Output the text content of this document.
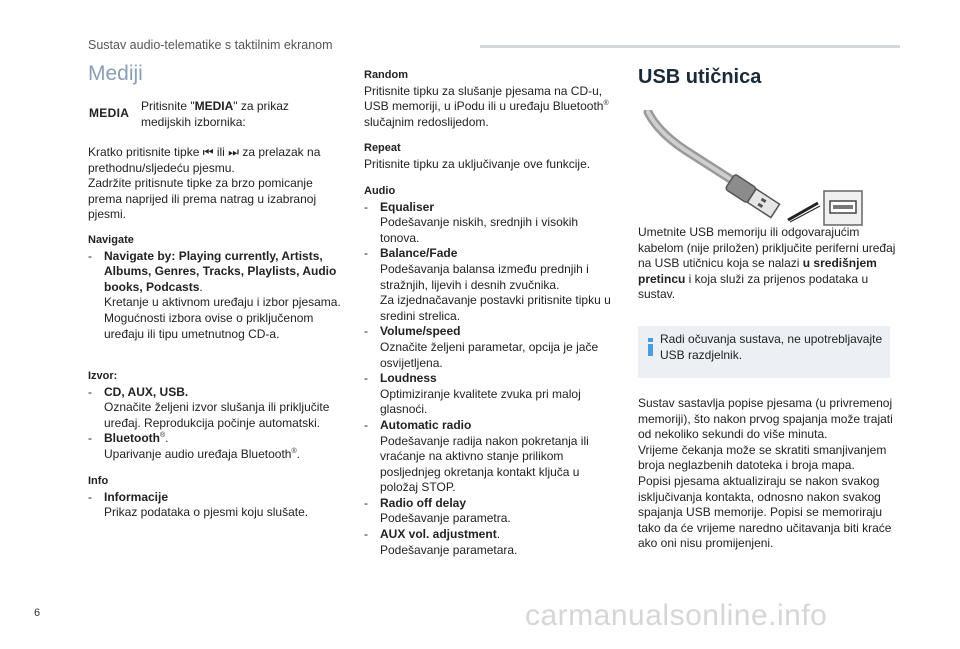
Sustav audio-telematike s taktilnim ekranom
Mediji
MEDIA Pritisnite "MEDIA" za prikaz medijskih izbornika:

Kratko pritisnite tipke ⏮ ili ⏭ za prelazak na prethodnu/sljedeću pjesmu.

Zadržite pritisnute tipke za brzo pomicanje prema naprijed ili prema natrag u izabranoj pjesmi.

Navigate
-	Navigate by: Playing currently, Artists, Albums, Genres, Tracks, Playlists, Audio books, Podcasts.
Kretanje u aktivnom uređaju i izbor pjesama.
Mogućnosti izbora ovise o priključenom uređaju ili tipu umetnutnog CD-a.
Izvor:
-	CD, AUX, USB.
Označite željeni izvor slušanja ili priključite uređaj. Reprodukcija počinje automatski.
-	Bluetooth®.
Uparivanje audio uređaja Bluetooth®.
Info
-	Informacije
Prikaz podataka o pjesmi koju slušate.
Random
Pritisnite tipku za slušanje pjesama na CD-u, USB memoriji, u iPodu ili u uređaju Bluetooth® slučajnim redoslijedom.
Repeat
Pritisnite tipku za uključivanje ove funkcije.
Audio
-	Equaliser
Podešavanje niskih, srednjih i visokih tonova.
-	Balance/Fade
Podešavanja balansa između prednjih i stražnjih, lijevih i desnih zvučnika.
Za izjednačavanje postavki pritisnite tipku u sredini strelica.
-	Volume/speed
Označite željeni parametar, opcija je jače osvijetljena.
-	Loudness
Optimiziranje kvalitete zvuka pri maloj glasnoći.
-	Automatic radio
Podešavanje radija nakon pokretanja ili vraćanje na aktivno stanje prilikom posljednjeg okretanja kontakt ključa u položaj STOP.
-	Radio off delay
Podešavanje parametra.
-	AUX vol. adjustment.
Podešavanje parametara.
USB utičnica
Umetnite USB memoriju ili odgovarajućim kabelom (nije priložen) priključite periferni uređaj na USB utičnicu koja se nalazi u središnjem pretincu i koja služi za prijenos podataka u sustav.
Radi očuvanja sustava, ne upotrebljavajte USB razdjelnik.

Sustav sastavlja popise pjesama (u privremenoj memoriji), što nakon prvog spajanja može trajati od nekoliko sekundi do više minuta.

Vrijeme čekanja može se skratiti smanjivanjem broja neglazbenih datoteka i broja mapa.

Popisi pjesama aktualiziraju se nakon svakog isključivanja kontakta, odnosno nakon svakog spajanja USB memorije. Popisi se memoriraju tako da će vrijeme naredno učitavanja biti kraće ako oni nisu promijenjeni.

6	carmanualsonline.info
